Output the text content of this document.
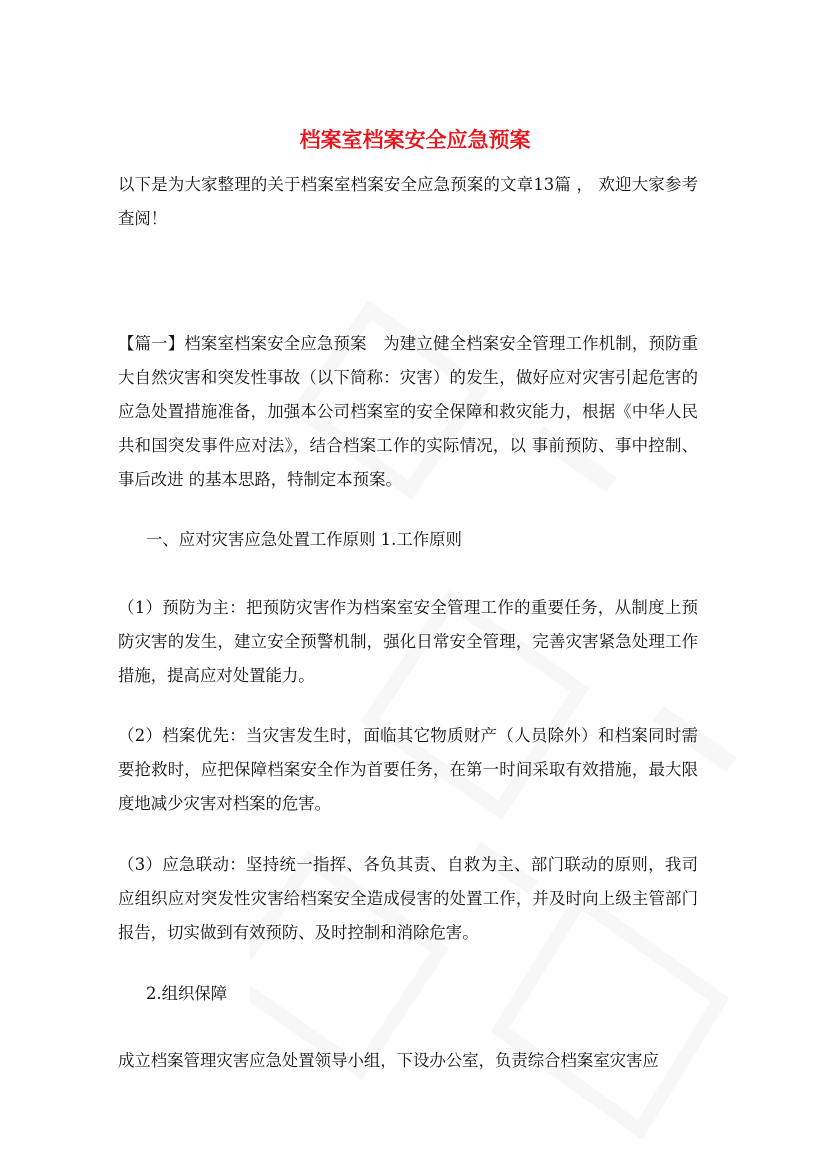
档案室档案安全应急预案

以下是为大家整理的关于档案室档案安全应急预案的文章13篇 ， 欢迎大家参考查阅！

【篇一】档案室档案安全应急预案　为建立健全档案安全管理工作机制，预防重大自然灾害和突发性事故（以下简称：灾害）的发生，做好应对灾害引起危害的应急处置措施准备，加强本公司档案室的安全保障和救灾能力，根据《中华人民共和国突发事件应对法》，结合档案工作的实际情况，以 事前预防、事中控制、事后改进 的基本思路，特制定本预案。

一、应对灾害应急处置工作原则 1.工作原则

（1）预防为主：把预防灾害作为档案室安全管理工作的重要任务，从制度上预防灾害的发生，建立安全预警机制，强化日常安全管理，完善灾害紧急处理工作措施，提高应对处置能力。

（2）档案优先：当灾害发生时，面临其它物质财产（人员除外）和档案同时需要抢救时，应把保障档案安全作为首要任务，在第一时间采取有效措施，最大限度地减少灾害对档案的危害。

（3）应急联动：坚持统一指挥、各负其责、自救为主、部门联动的原则，我司应组织应对突发性灾害给档案安全造成侵害的处置工作，并及时向上级主管部门报告，切实做到有效预防、及时控制和消除危害。

2.组织保障

成立档案管理灾害应急处置领导小组，下设办公室，负责综合档案室灾害应
